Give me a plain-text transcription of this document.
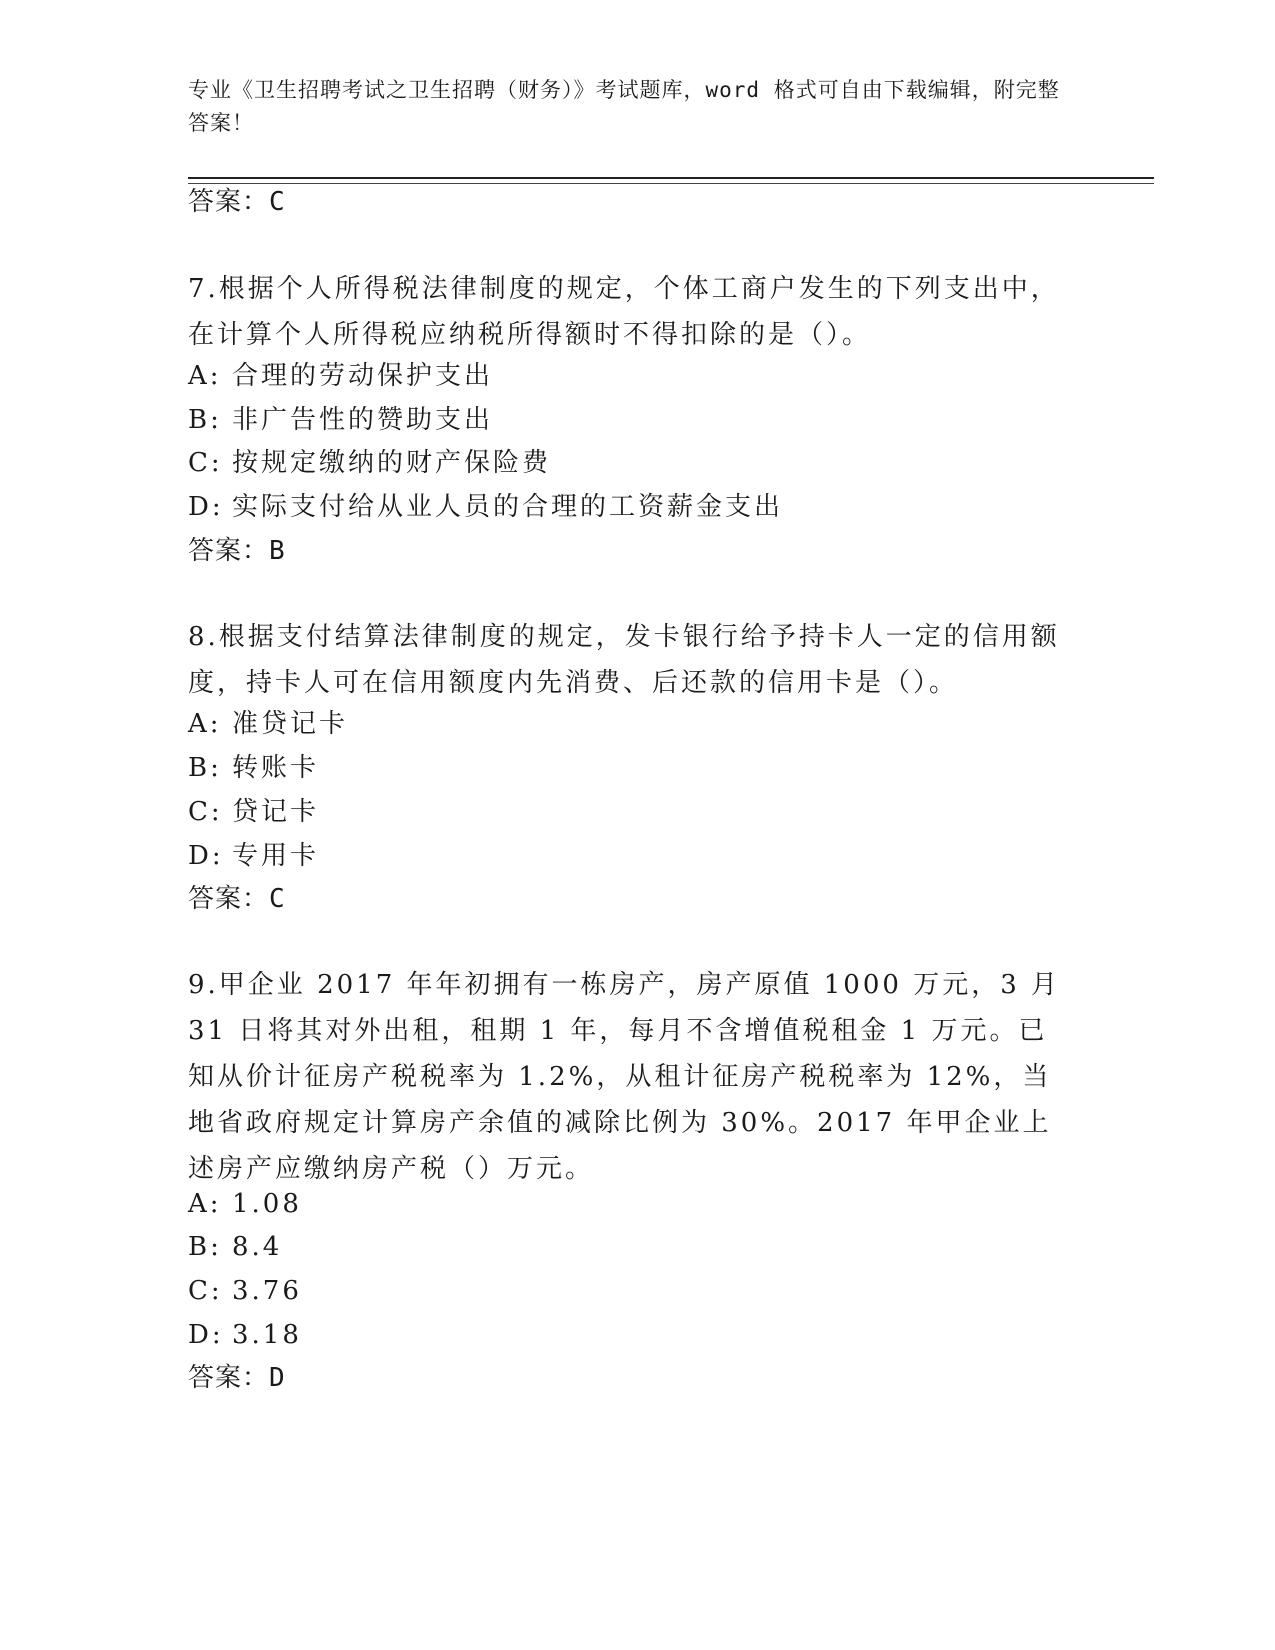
专业《卫生招聘考试之卫生招聘（财务）》考试题库，word 格式可自由下载编辑，附完整答案！
答案：C
7.根据个人所得税法律制度的规定，个体工商户发生的下列支出中，在计算个人所得税应纳税所得额时不得扣除的是（）。
A: 合理的劳动保护支出
B: 非广告性的赞助支出
C: 按规定缴纳的财产保险费
D: 实际支付给从业人员的合理的工资薪金支出
答案：B
8.根据支付结算法律制度的规定，发卡银行给予持卡人一定的信用额度，持卡人可在信用额度内先消费、后还款的信用卡是（）。
A: 准贷记卡
B: 转账卡
C: 贷记卡
D: 专用卡
答案：C
9.甲企业 2017 年年初拥有一栋房产，房产原值 1000 万元，3 月 31 日将其对外出租，租期 1 年，每月不含增值税租金 1 万元。已知从价计征房产税税率为 1.2%，从租计征房产税税率为 12%，当地省政府规定计算房产余值的减除比例为 30%。2017 年甲企业上述房产应缴纳房产税（）万元。
A: 1.08
B: 8.4
C: 3.76
D: 3.18
答案：D
